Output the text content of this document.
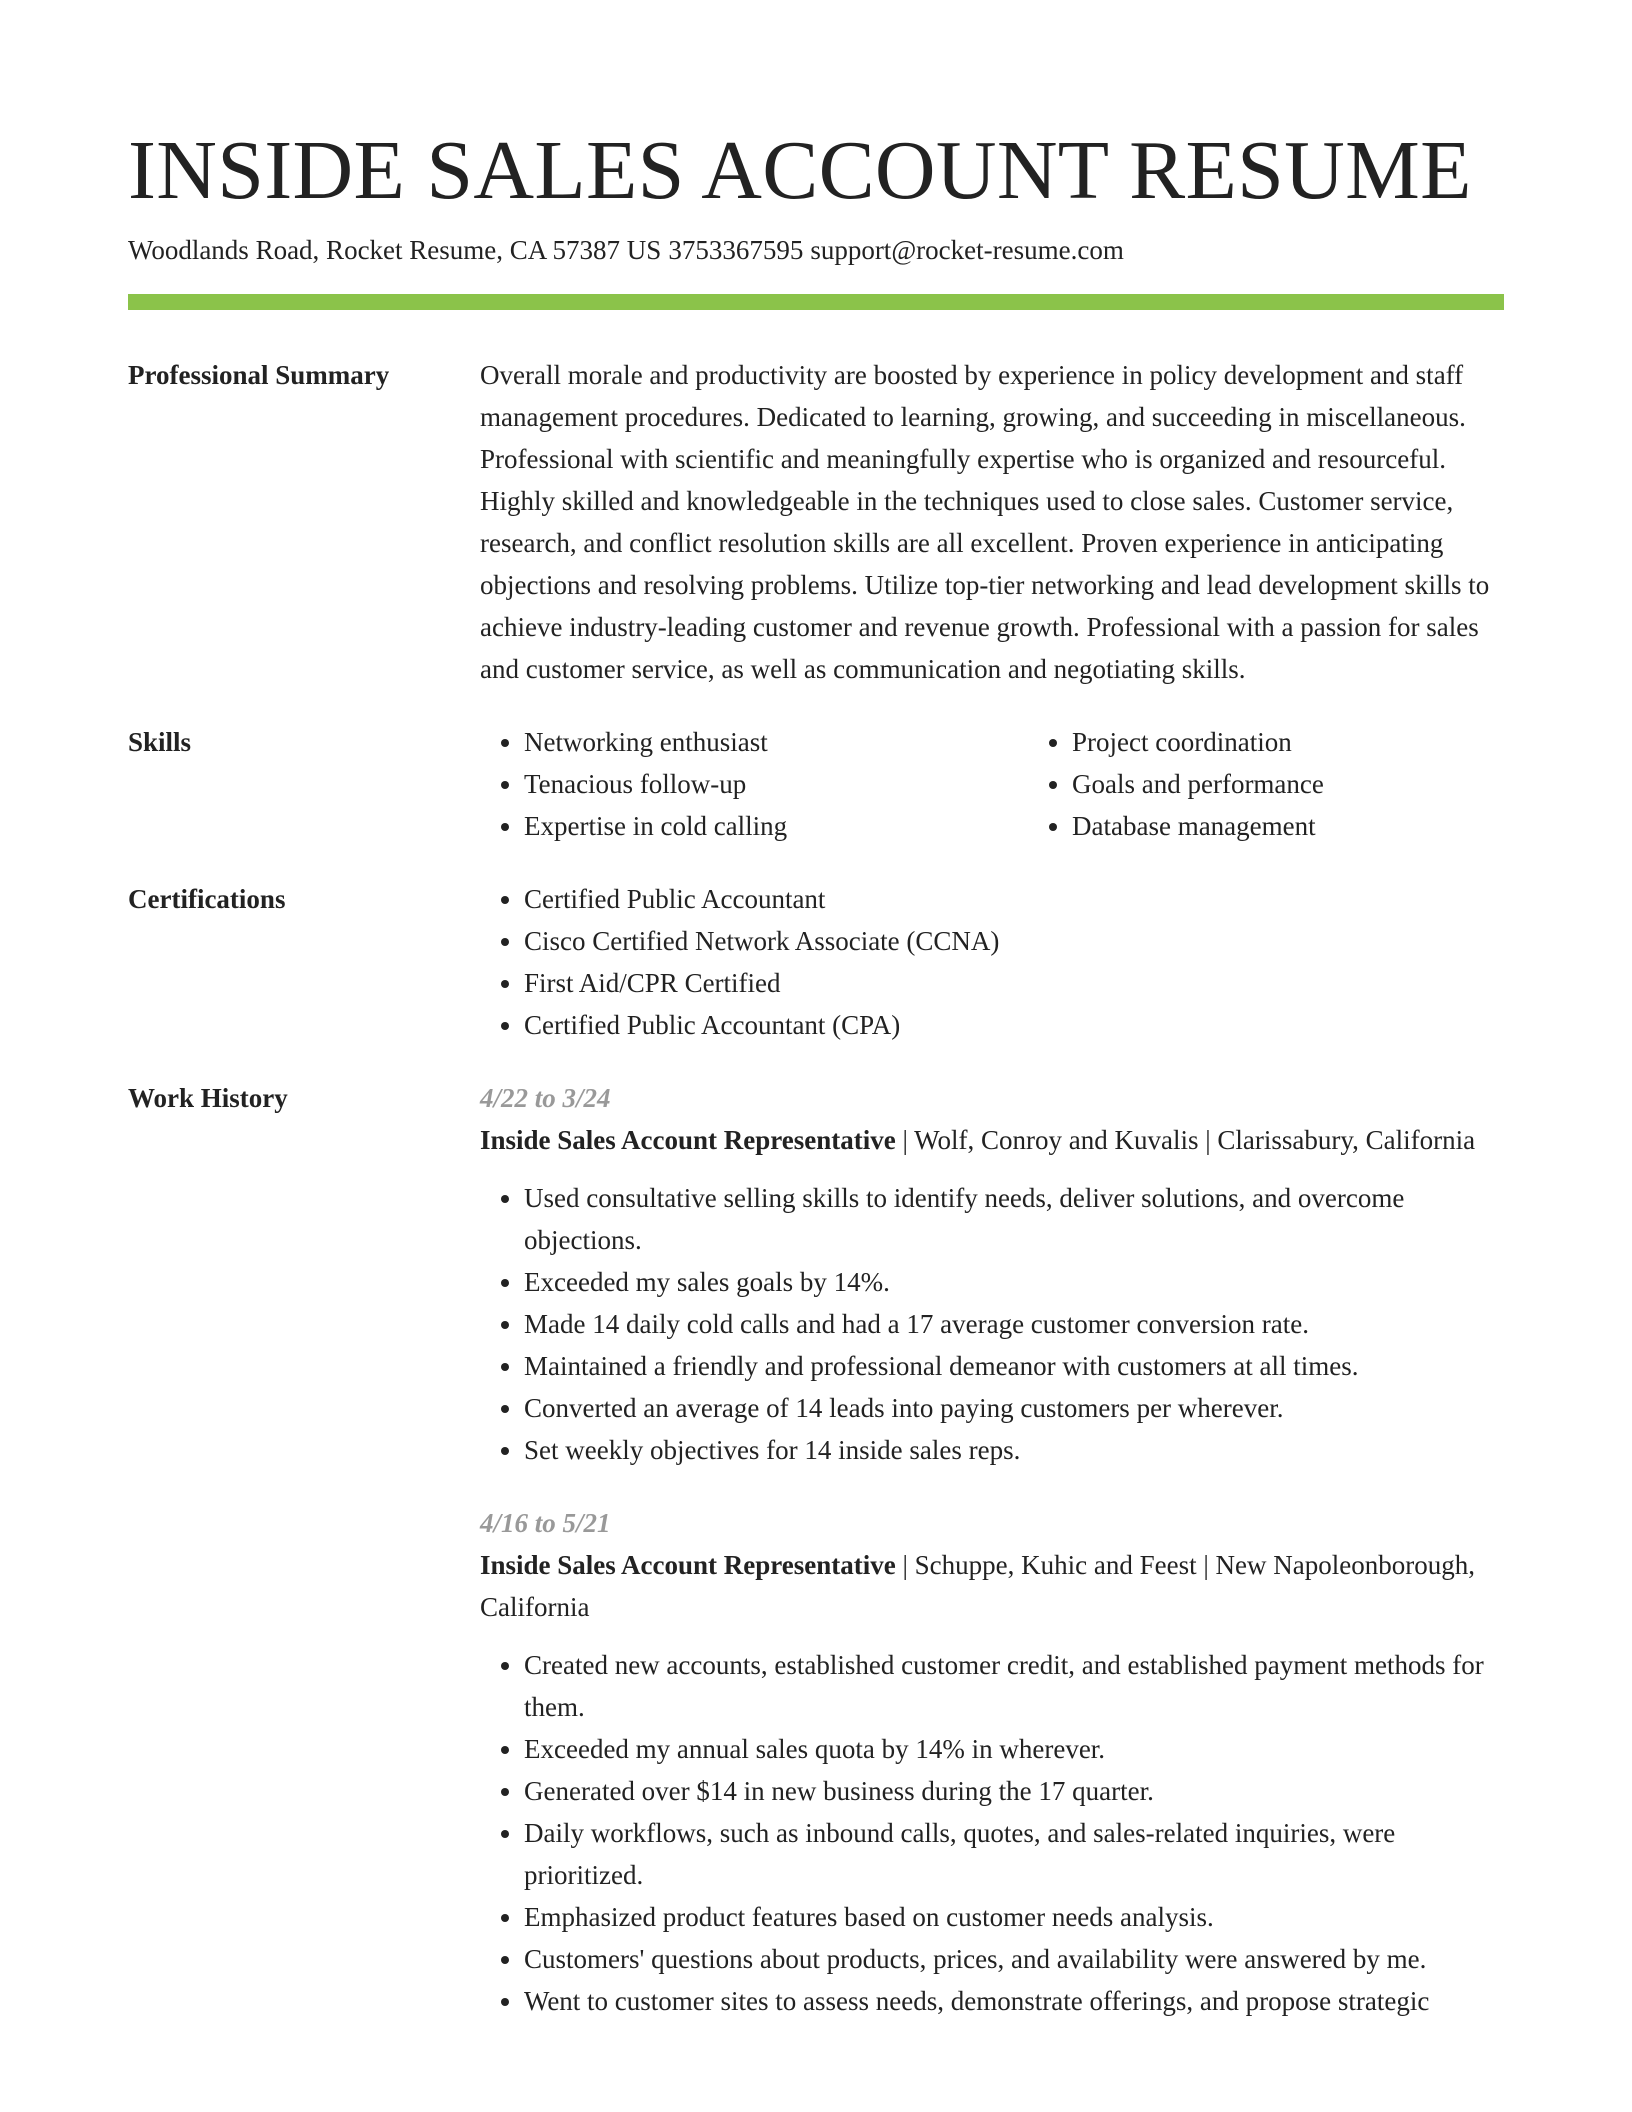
INSIDE SALES ACCOUNT RESUME
Woodlands Road, Rocket Resume, CA 57387 US 3753367595 support@rocket-resume.com
Professional Summary	Overall morale and productivity are boosted by experience in policy development and staff management procedures. Dedicated to learning, growing, and succeeding in miscellaneous. Professional with scientific and meaningfully expertise who is organized and resourceful. Highly skilled and knowledgeable in the techniques used to close sales. Customer service, research, and conflict resolution skills are all excellent. Proven experience in anticipating objections and resolving problems. Utilize top-tier networking and lead development skills to achieve industry-leading customer and revenue growth. Professional with a passion for sales and customer service, as well as communication and negotiating skills.

Skills	• Networking enthusiast
• Tenacious follow-up
• Expertise in cold calling
• Project coordination
• Goals and performance
• Database management
Certifications	• Certified Public Accountant
• Cisco Certified Network Associate (CCNA)
• First Aid/CPR Certified
• Certified Public Accountant (CPA)
Work History	4/22 to 3/24
Inside Sales Account Representative | Wolf, Conroy and Kuvalis | Clarissabury, California
• Used consultative selling skills to identify needs, deliver solutions, and overcome objections.
• Exceeded my sales goals by 14%.
• Made 14 daily cold calls and had a 17 average customer conversion rate.
• Maintained a friendly and professional demeanor with customers at all times.
• Converted an average of 14 leads into paying customers per wherever.
• Set weekly objectives for 14 inside sales reps.
4/16 to 5/21
Inside Sales Account Representative | Schuppe, Kuhic and Feest | New Napoleonborough, California
• Created new accounts, established customer credit, and established payment methods for them.
• Exceeded my annual sales quota by 14% in wherever.
• Generated over $14 in new business during the 17 quarter.
• Daily workflows, such as inbound calls, quotes, and sales-related inquiries, were prioritized.
• Emphasized product features based on customer needs analysis.
• Customers' questions about products, prices, and availability were answered by me.
• Went to customer sites to assess needs, demonstrate offerings, and propose strategic
